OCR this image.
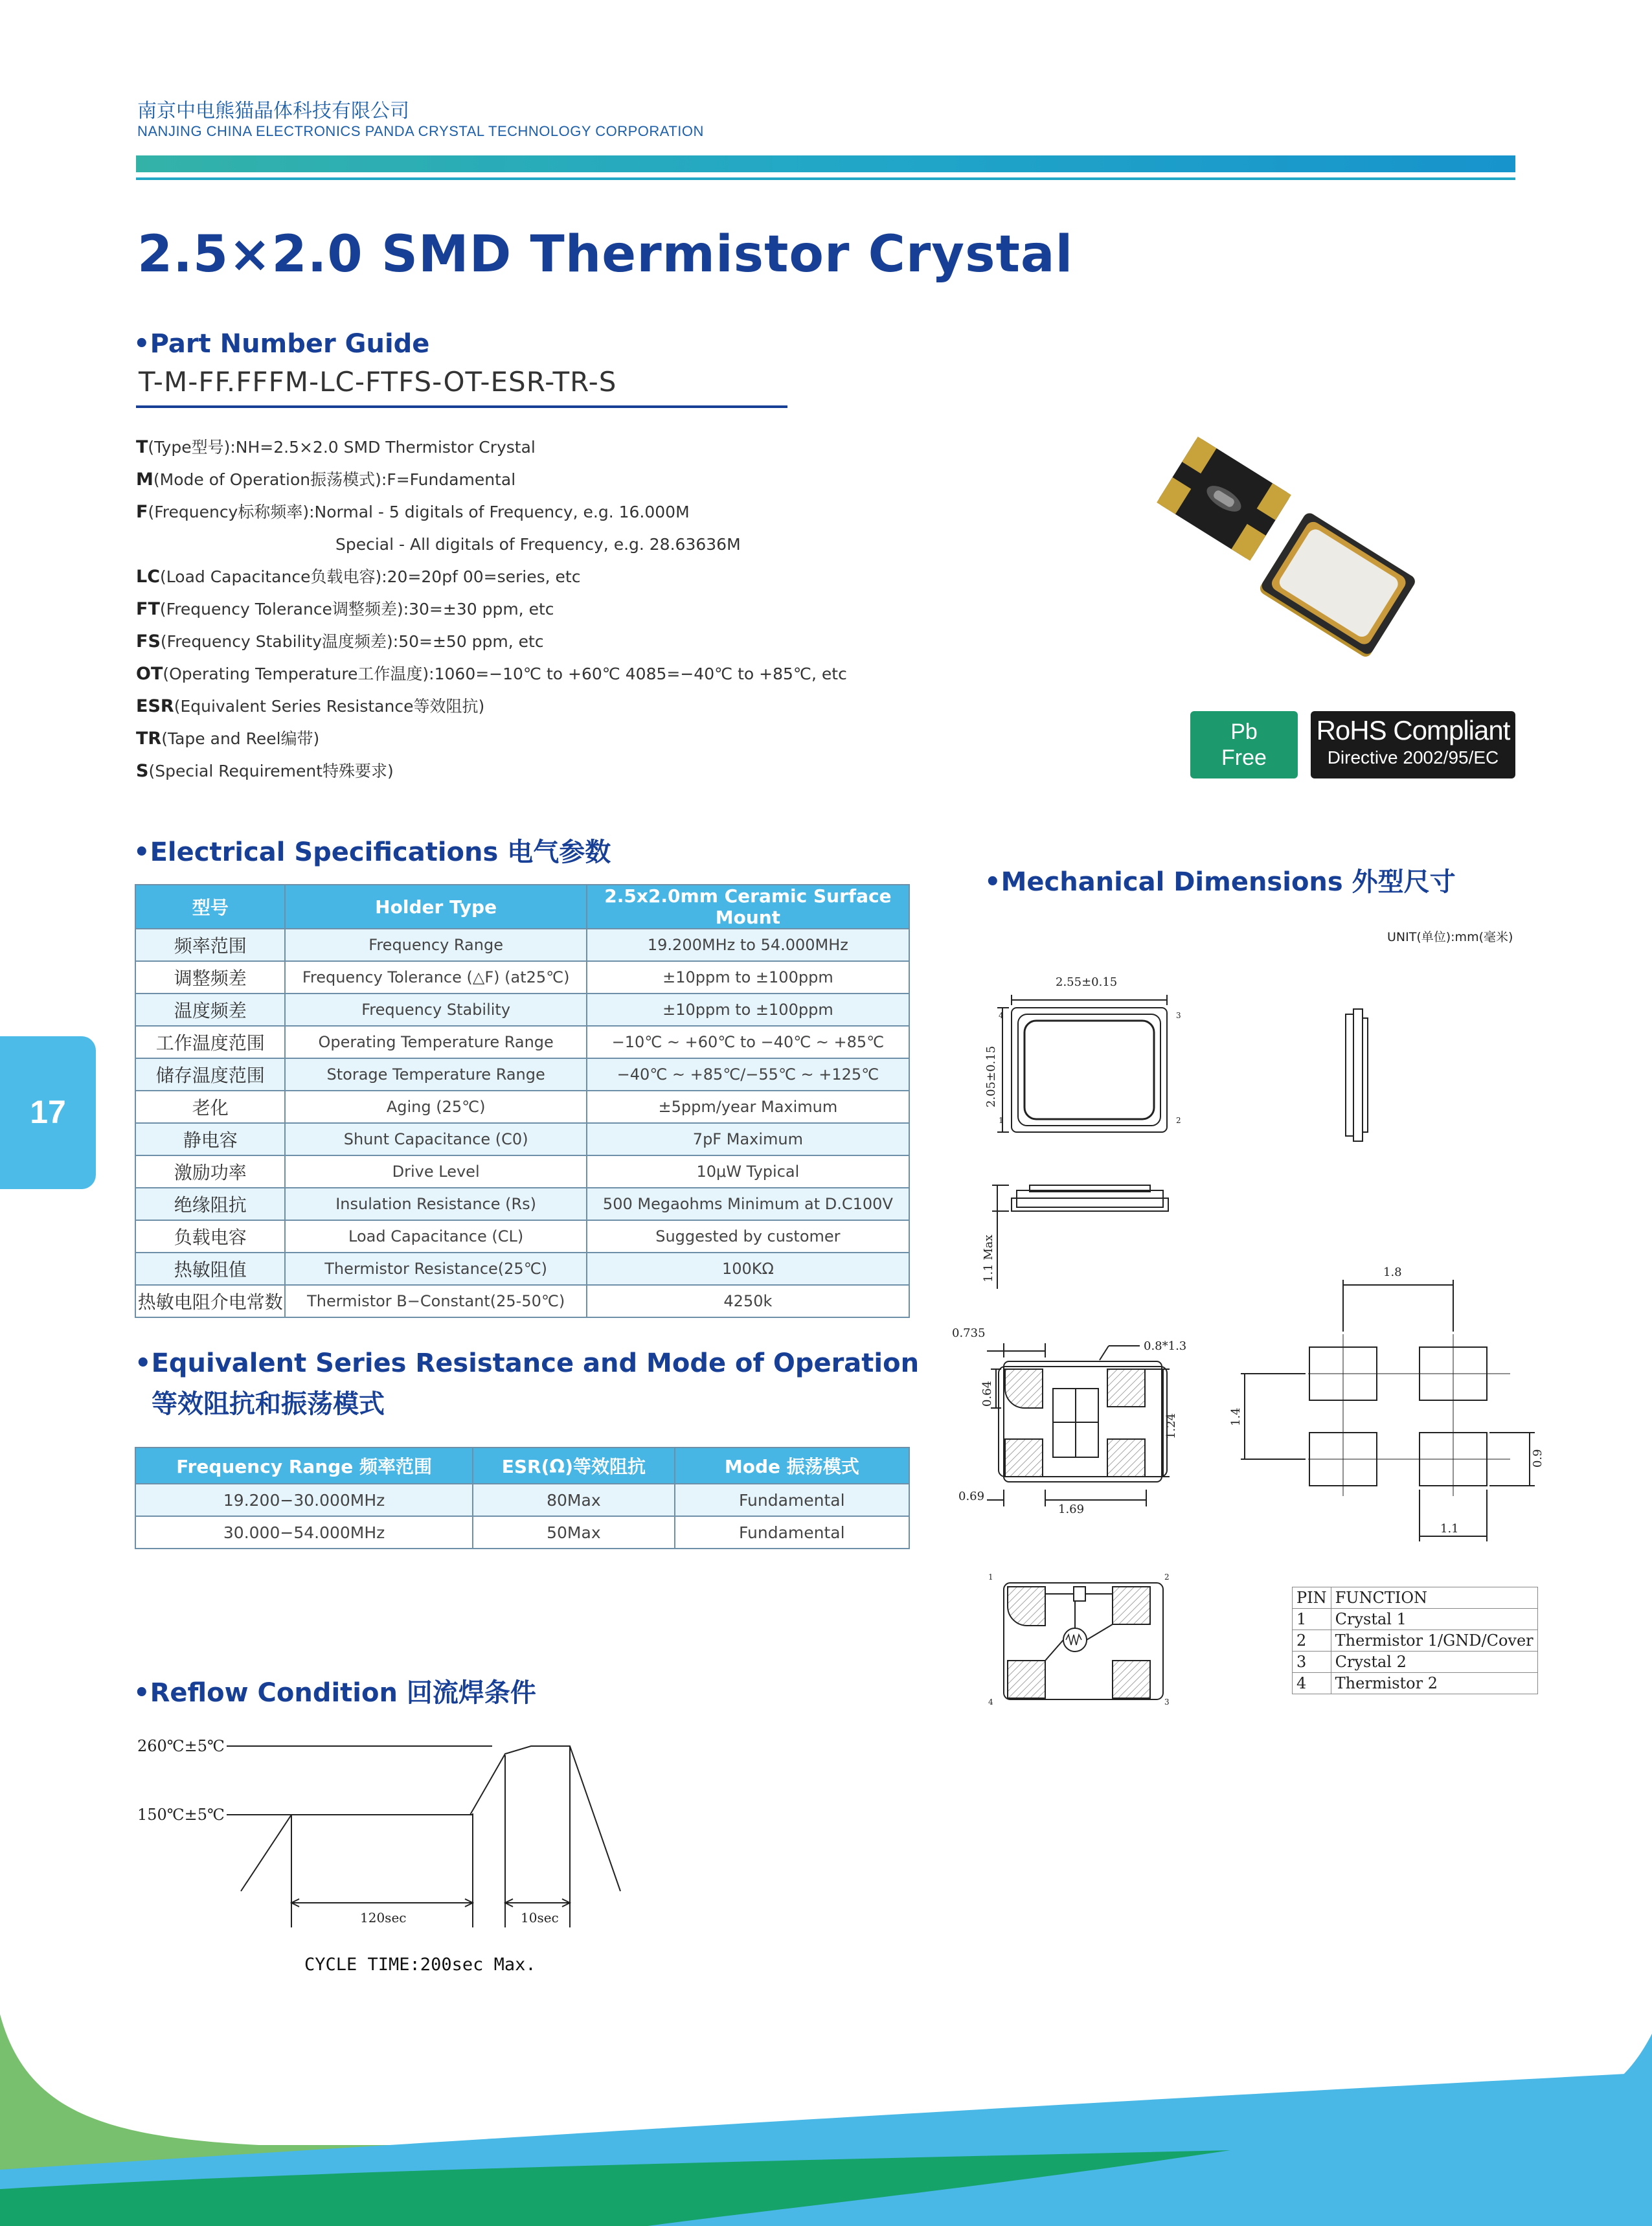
南京中电熊猫晶体科技有限公司
NANJING CHINA ELECTRONICS PANDA CRYSTAL TECHNOLOGY CORPORATION
2.5×2.0 SMD Thermistor Crystal
17
•Part Number Guide
T-M-FF.FFFM-LC-FTFS-OT-ESR-TR-S
T(Type型号):NH=2.5×2.0 SMD Thermistor Crystal
M(Mode of Operation振荡模式):F=Fundamental
F(Frequency标称频率):Normal - 5 digitals of Frequency, e.g. 16.000M
Special - All digitals of Frequency, e.g. 28.63636M
LC(Load Capacitance负载电容):20=20pf 00=series, etc
FT(Frequency Tolerance调整频差):30=±30 ppm, etc
FS(Frequency Stability温度频差):50=±50 ppm, etc
OT(Operating Temperature工作温度):1060=−10℃ to +60℃ 4085=−40℃ to +85℃, etc
ESR(Equivalent Series Resistance等效阻抗)
TR(Tape and Reel编带)
S(Special Requirement特殊要求)
Pb
Free
RoHS Compliant
Directive 2002/95/EC
•Electrical Specifications 电气参数
型号	Holder Type	2.5x2.0mm Ceramic Surface Mount
频率范围	Frequency Range	19.200MHz to 54.000MHz
调整频差	Frequency Tolerance (△F) (at25℃)	±10ppm to ±100ppm
温度频差	Frequency Stability	±10ppm to ±100ppm
工作温度范围	Operating Temperature Range	−10℃ ~ +60℃ to −40℃ ~ +85℃
储存温度范围	Storage Temperature Range	−40℃ ~ +85℃/−55℃ ~ +125℃
老化	Aging (25℃)	±5ppm/year Maximum
静电容	Shunt Capacitance (C0)	7pF Maximum
激励功率	Drive Level	10μW Typical
绝缘阻抗	Insulation Resistance (Rs)	500 Megaohms Minimum at D.C100V
负载电容	Load Capacitance (CL)	Suggested by customer
热敏阻值	Thermistor Resistance(25℃)	100KΩ
热敏电阻介电常数	Thermistor B−Constant(25-50℃)	4250k
•Equivalent Series Resistance and Mode of Operation
等效阻抗和振荡模式
Frequency Range 频率范围	ESR(Ω)等效阻抗	Mode 振荡模式
19.200−30.000MHz	80Max	Fundamental
30.000−54.000MHz	50Max	Fundamental
•Mechanical Dimensions 外型尺寸
UNIT(单位):mm(毫米)
2.55±0.15
2.05±0.15
1.1 Max
0.735
0.8*1.3
0.64
1.24
0.69
1.69
1.8
1.4
0.9
1.1
4
1
3
2
1	2
3
4
PIN	FUNCTION
1	Crystal 1
2	Thermistor 1/GND/Cover
3	Crystal 2
4	Thermistor 2
•Reflow Condition 回流焊条件
260℃±5℃
150℃±5℃
120sec	10sec
CYCLE TIME:200sec Max.
